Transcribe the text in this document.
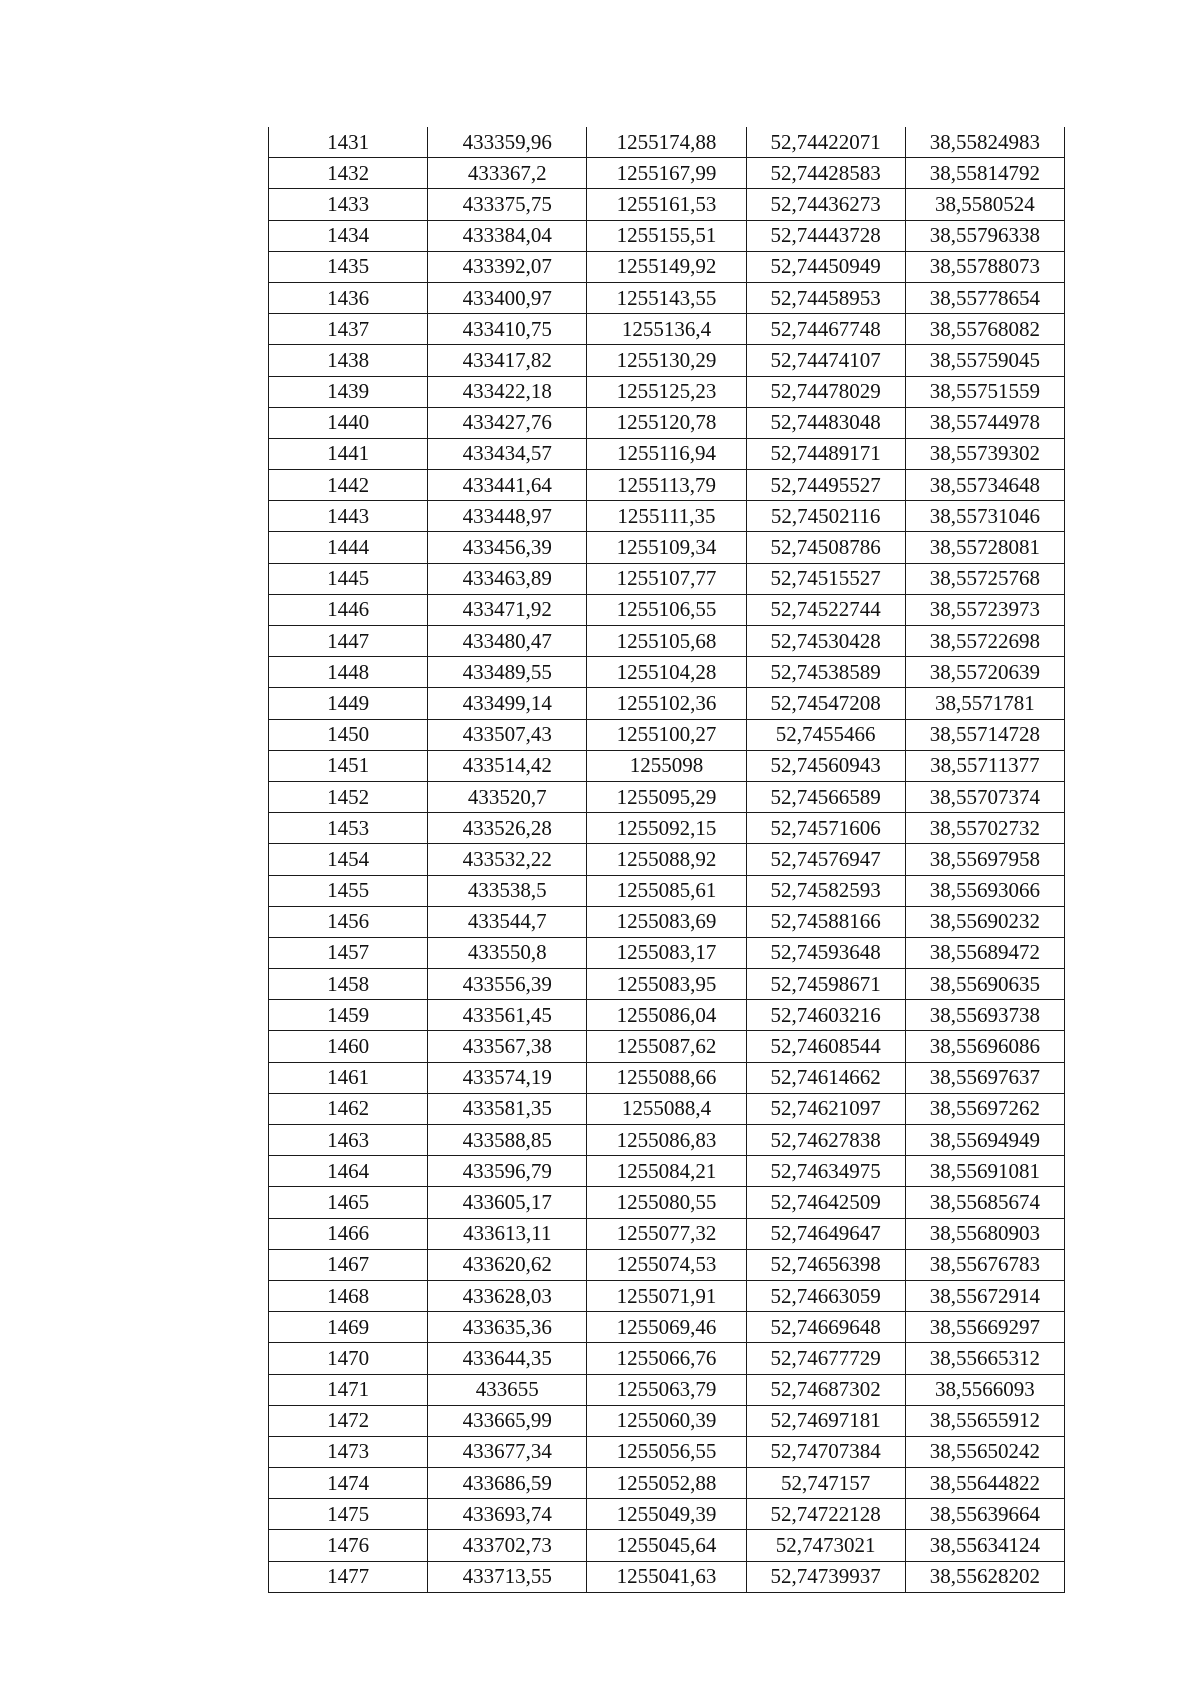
1431	433359,96	1255174,88	52,74422071	38,55824983
1432	433367,2	1255167,99	52,74428583	38,55814792
1433	433375,75	1255161,53	52,74436273	38,5580524
1434	433384,04	1255155,51	52,74443728	38,55796338
1435	433392,07	1255149,92	52,74450949	38,55788073
1436	433400,97	1255143,55	52,74458953	38,55778654
1437	433410,75	1255136,4	52,74467748	38,55768082
1438	433417,82	1255130,29	52,74474107	38,55759045
1439	433422,18	1255125,23	52,74478029	38,55751559
1440	433427,76	1255120,78	52,74483048	38,55744978
1441	433434,57	1255116,94	52,74489171	38,55739302
1442	433441,64	1255113,79	52,74495527	38,55734648
1443	433448,97	1255111,35	52,74502116	38,55731046
1444	433456,39	1255109,34	52,74508786	38,55728081
1445	433463,89	1255107,77	52,74515527	38,55725768
1446	433471,92	1255106,55	52,74522744	38,55723973
1447	433480,47	1255105,68	52,74530428	38,55722698
1448	433489,55	1255104,28	52,74538589	38,55720639
1449	433499,14	1255102,36	52,74547208	38,5571781
1450	433507,43	1255100,27	52,7455466	38,55714728
1451	433514,42	1255098	52,74560943	38,55711377
1452	433520,7	1255095,29	52,74566589	38,55707374
1453	433526,28	1255092,15	52,74571606	38,55702732
1454	433532,22	1255088,92	52,74576947	38,55697958
1455	433538,5	1255085,61	52,74582593	38,55693066
1456	433544,7	1255083,69	52,74588166	38,55690232
1457	433550,8	1255083,17	52,74593648	38,55689472
1458	433556,39	1255083,95	52,74598671	38,55690635
1459	433561,45	1255086,04	52,74603216	38,55693738
1460	433567,38	1255087,62	52,74608544	38,55696086
1461	433574,19	1255088,66	52,74614662	38,55697637
1462	433581,35	1255088,4	52,74621097	38,55697262
1463	433588,85	1255086,83	52,74627838	38,55694949
1464	433596,79	1255084,21	52,74634975	38,55691081
1465	433605,17	1255080,55	52,74642509	38,55685674
1466	433613,11	1255077,32	52,74649647	38,55680903
1467	433620,62	1255074,53	52,74656398	38,55676783
1468	433628,03	1255071,91	52,74663059	38,55672914
1469	433635,36	1255069,46	52,74669648	38,55669297
1470	433644,35	1255066,76	52,74677729	38,55665312
1471	433655	1255063,79	52,74687302	38,5566093
1472	433665,99	1255060,39	52,74697181	38,55655912
1473	433677,34	1255056,55	52,74707384	38,55650242
1474	433686,59	1255052,88	52,747157	38,55644822
1475	433693,74	1255049,39	52,74722128	38,55639664
1476	433702,73	1255045,64	52,7473021	38,55634124
1477	433713,55	1255041,63	52,74739937	38,55628202
